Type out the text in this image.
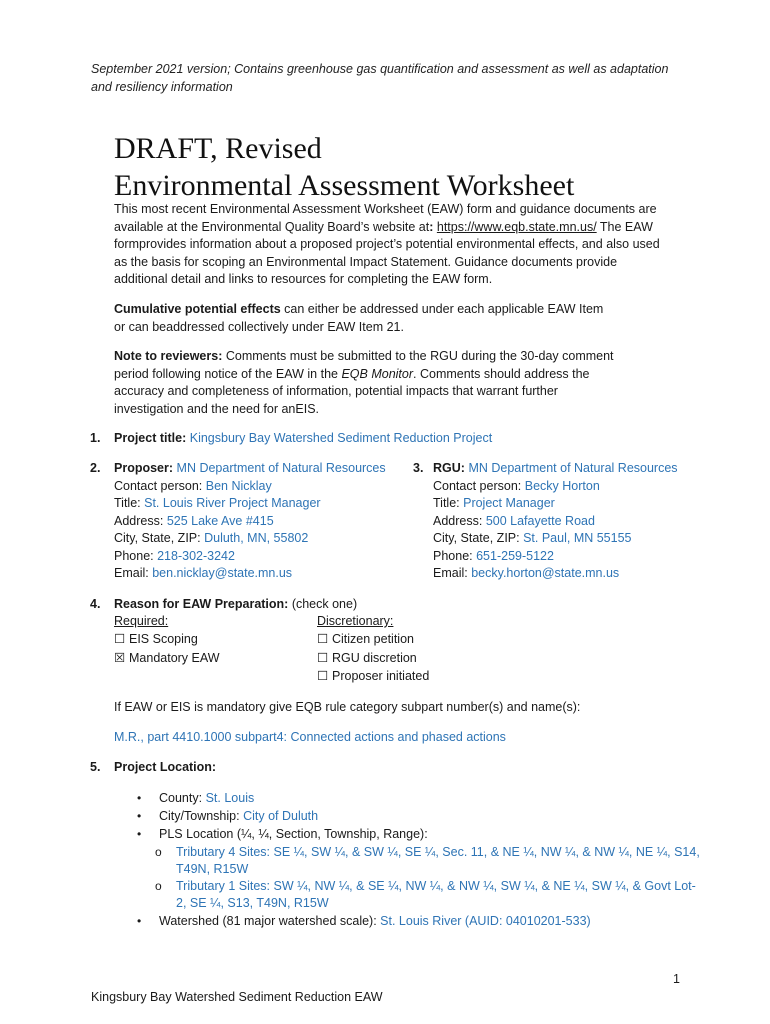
September 2021 version; Contains greenhouse gas quantification and assessment as well as adaptation and resiliency information
DRAFT, Revised
Environmental Assessment Worksheet
This most recent Environmental Assessment Worksheet (EAW) form and guidance documents are available at the Environmental Quality Board’s website at: https://www.eqb.state.mn.us/ The EAW formprovides information about a proposed project’s potential environmental effects, and also used as the basis for scoping an Environmental Impact Statement. Guidance documents provide additional detail and links to resources for completing the EAW form.
Cumulative potential effects can either be addressed under each applicable EAW Item or can beaddressed collectively under EAW Item 21.
Note to reviewers: Comments must be submitted to the RGU during the 30-day comment period following notice of the EAW in the EQB Monitor. Comments should address the accuracy and completeness of information, potential impacts that warrant further investigation and the need for anEIS.
1. Project title: Kingsbury Bay Watershed Sediment Reduction Project
2. Proposer: MN Department of Natural Resources
Contact person: Ben Nicklay
Title: St. Louis River Project Manager
Address: 525 Lake Ave #415
City, State, ZIP: Duluth, MN, 55802
Phone: 218-302-3242
Email: ben.nicklay@state.mn.us
3. RGU: MN Department of Natural Resources
Contact person: Becky Horton
Title: Project Manager
Address: 500 Lafayette Road
City, State, ZIP: St. Paul, MN 55155
Phone: 651-259-5122
Email: becky.horton@state.mn.us
4. Reason for EAW Preparation: (check one)
Required:	Discretionary:
☐ EIS Scoping
☒ Mandatory EAW
☐ Citizen petition
☐ RGU discretion
☐ Proposer initiated
If EAW or EIS is mandatory give EQB rule category subpart number(s) and name(s):
M.R., part 4410.1000 subpart4: Connected actions and phased actions
5. Project Location:
• County: St. Louis
• City/Township: City of Duluth
• PLS Location (¼, ¼, Section, Township, Range):
o Tributary 4 Sites: SE ¼, SW ¼, & SW ¼, SE ¼, Sec. 11, & NE ¼, NW ¼, & NW ¼, NE ¼, S14,
T49N, R15W
o Tributary 1 Sites: SW ¼, NW ¼, & SE ¼, NW ¼, & NW ¼, SW ¼, & NE ¼, SW ¼, & Govt Lot-
2, SE ¼, S13, T49N, R15W
• Watershed (81 major watershed scale): St. Louis River (AUID: 04010201-533)
1
Kingsbury Bay Watershed Sediment Reduction EAW
